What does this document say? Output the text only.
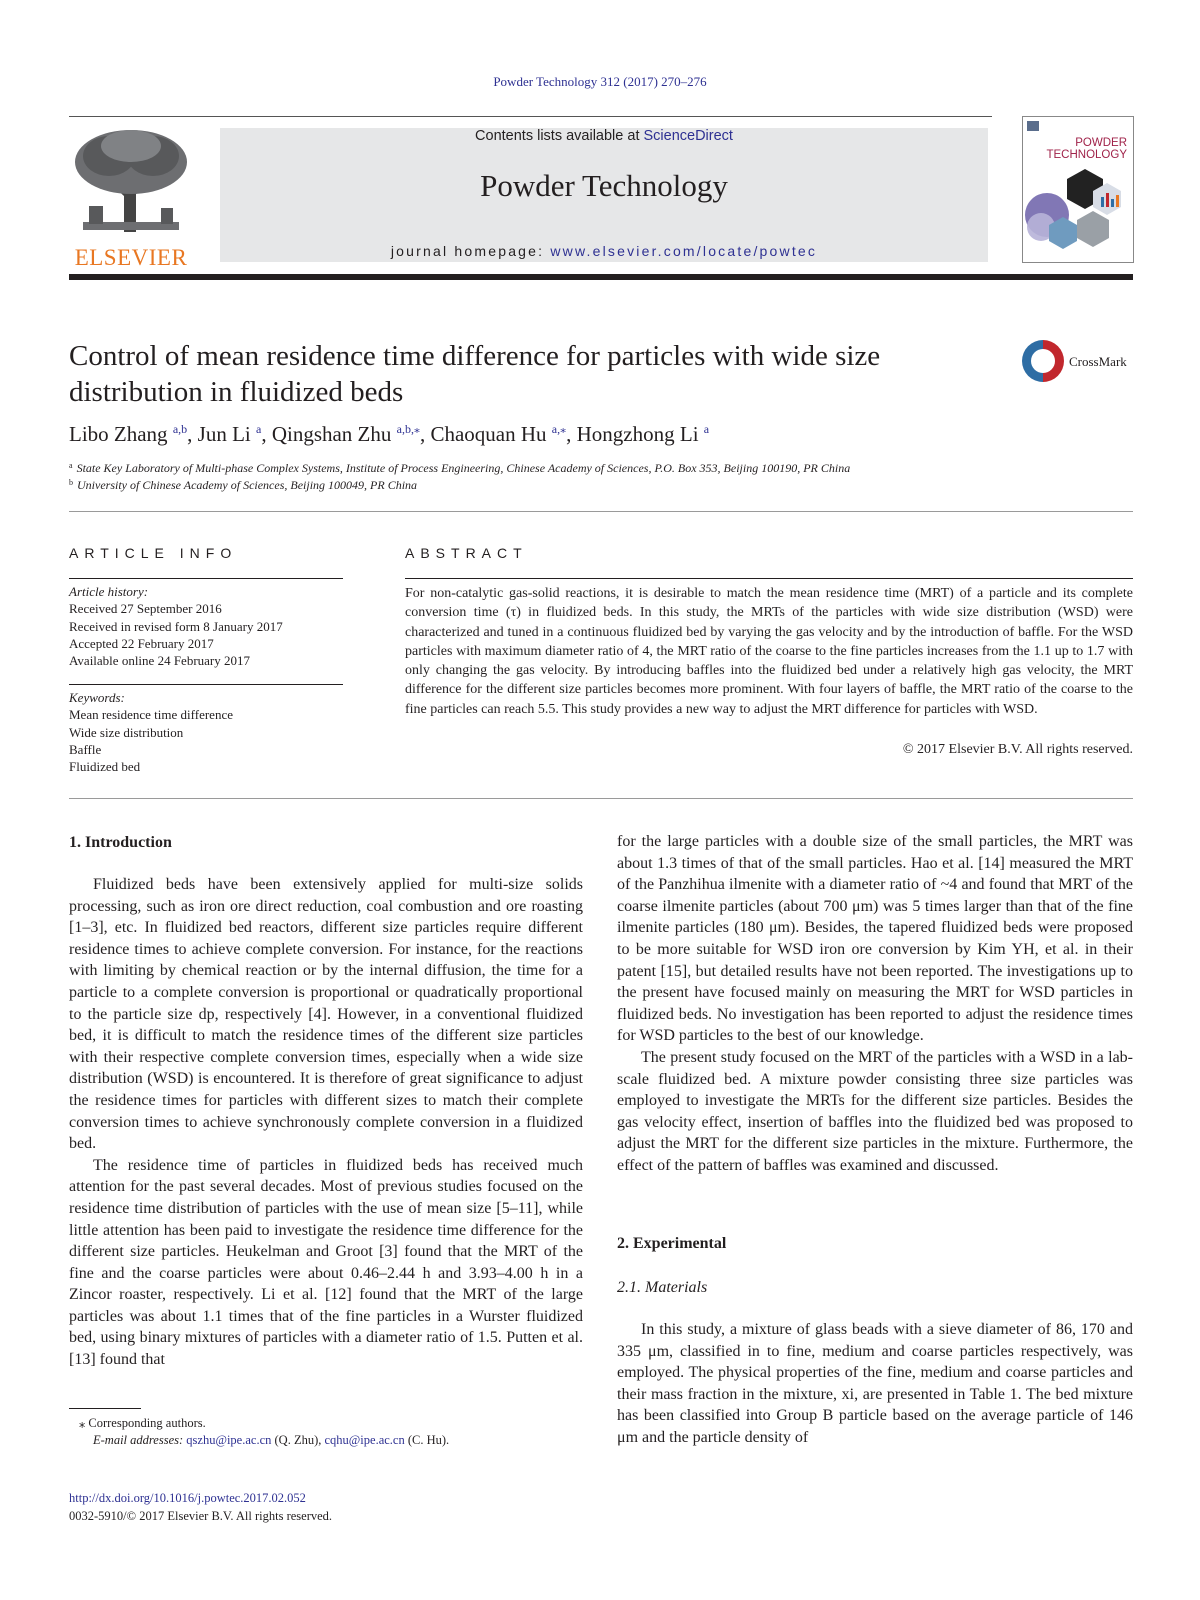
Powder Technology 312 (2017) 270–276
ELSEVIER
Contents lists available at ScienceDirect
Powder Technology
journal homepage: www.elsevier.com/locate/powtec
POWDER
TECHNOLOGY
Control of mean residence time difference for particles with wide size distribution in fluidized beds
CrossMark
Libo Zhang $^{a,b}$, Jun Li $^a$, Qingshan Zhu $^{a,b,⁎}$, Chaoquan Hu $^{a,⁎}$, Hongzhong Li $^a$
$^a$ State Key Laboratory of Multi-phase Complex Systems, Institute of Process Engineering, Chinese Academy of Sciences, P.O. Box 353, Beijing 100190, PR China
$^b$ University of Chinese Academy of Sciences, Beijing 100049, PR China
ARTICLE INFO
Article history:
Received 27 September 2016
Received in revised form 8 January 2017
Accepted 22 February 2017
Available online 24 February 2017
Keywords:
Mean residence time difference
Wide size distribution
Baffle
Fluidized bed
ABSTRACT
For non-catalytic gas-solid reactions, it is desirable to match the mean residence time (MRT) of a particle and its complete conversion time (τ) in fluidized beds. In this study, the MRTs of the particles with wide size distribution (WSD) were characterized and tuned in a continuous fluidized bed by varying the gas velocity and by the introduction of baffle. For the WSD particles with maximum diameter ratio of 4, the MRT ratio of the coarse to the fine particles increases from the 1.1 up to 1.7 with only changing the gas velocity. By introducing baffles into the fluidized bed under a relatively high gas velocity, the MRT difference for the different size particles becomes more prominent. With four layers of baffle, the MRT ratio of the coarse to the fine particles can reach 5.5. This study provides a new way to adjust the MRT difference for particles with WSD.
© 2017 Elsevier B.V. All rights reserved.
1. Introduction

Fluidized beds have been extensively applied for multi-size solids processing, such as iron ore direct reduction, coal combustion and ore roasting [1–3], etc. In fluidized bed reactors, different size particles require different residence times to achieve complete conversion. For instance, for the reactions with limiting by chemical reaction or by the internal diffusion, the time for a particle to a complete conversion is proportional or quadratically proportional to the particle size dp, respectively [4]. However, in a conventional fluidized bed, it is difficult to match the residence times of the different size particles with their respective complete conversion times, especially when a wide size distribution (WSD) is encountered. It is therefore of great significance to adjust the residence times for particles with different sizes to match their complete conversion times to achieve synchronously complete conversion in a fluidized bed.

The residence time of particles in fluidized beds has received much attention for the past several decades. Most of previous studies focused on the residence time distribution of particles with the use of mean size [5–11], while little attention has been paid to investigate the residence time difference for the different size particles. Heukelman and Groot [3] found that the MRT of the fine and the coarse particles were about 0.46–2.44 h and 3.93–4.00 h in a Zincor roaster, respectively. Li et al. [12] found that the MRT of the large particles was about 1.1 times that of the fine particles in a Wurster fluidized bed, using binary mixtures of particles with a diameter ratio of 1.5. Putten et al. [13] found that

for the large particles with a double size of the small particles, the MRT was about 1.3 times of that of the small particles. Hao et al. [14] measured the MRT of the Panzhihua ilmenite with a diameter ratio of ~4 and found that MRT of the coarse ilmenite particles (about 700 μm) was 5 times larger than that of the fine ilmenite particles (180 μm). Besides, the tapered fluidized beds were proposed to be more suitable for WSD iron ore conversion by Kim YH, et al. in their patent [15], but detailed results have not been reported. The investigations up to the present have focused mainly on measuring the MRT for WSD particles in fluidized beds. No investigation has been reported to adjust the residence times for WSD particles to the best of our knowledge.

The present study focused on the MRT of the particles with a WSD in a lab-scale fluidized bed. A mixture powder consisting three size particles was employed to investigate the MRTs for the different size particles. Besides the gas velocity effect, insertion of baffles into the fluidized bed was proposed to adjust the MRT for the different size particles in the mixture. Furthermore, the effect of the pattern of baffles was examined and discussed.

2. Experimental
2.1. Materials

In this study, a mixture of glass beads with a sieve diameter of 86, 170 and 335 μm, classified in to fine, medium and coarse particles respectively, was employed. The physical properties of the fine, medium and coarse particles and their mass fraction in the mixture, xi, are presented in Table 1. The bed mixture has been classified into Group B particle based on the average particle of 146 μm and the particle density of

⁎ Corresponding authors.
E-mail addresses: qszhu@ipe.ac.cn (Q. Zhu), cqhu@ipe.ac.cn (C. Hu).
http://dx.doi.org/10.1016/j.powtec.2017.02.052
0032-5910/© 2017 Elsevier B.V. All rights reserved.
